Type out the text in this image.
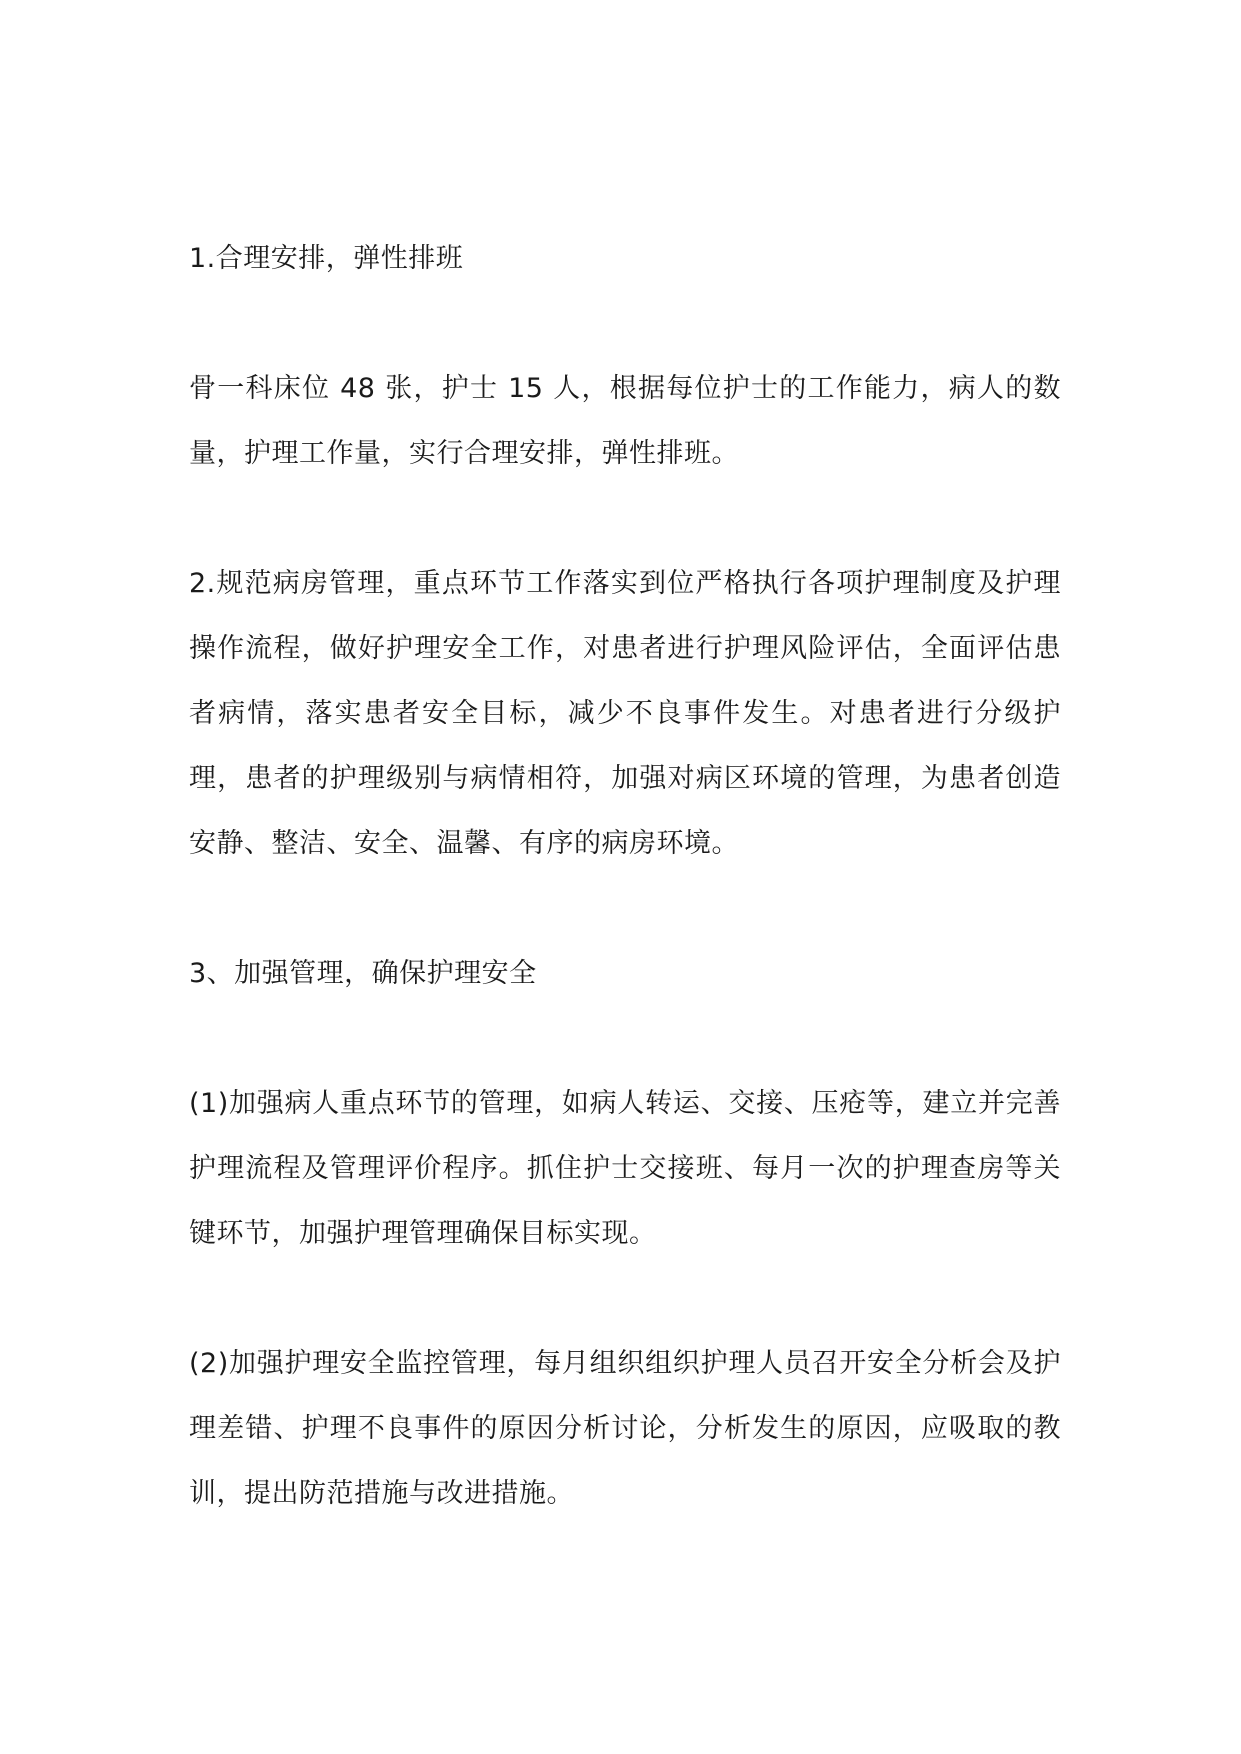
1.合理安排，弹性排班

骨一科床位 48 张，护士 15 人，根据每位护士的工作能力，病人的数量，护理工作量，实行合理安排，弹性排班。

2.规范病房管理，重点环节工作落实到位严格执行各项护理制度及护理操作流程，做好护理安全工作，对患者进行护理风险评估，全面评估患者病情，落实患者安全目标，减少不良事件发生。对患者进行分级护理，患者的护理级别与病情相符，加强对病区环境的管理，为患者创造安静、整洁、安全、温馨、有序的病房环境。

3、加强管理，确保护理安全

(1)加强病人重点环节的管理，如病人转运、交接、压疮等，建立并完善护理流程及管理评价程序。抓住护士交接班、每月一次的护理查房等关键环节，加强护理管理确保目标实现。

(2)加强护理安全监控管理，每月组织组织护理人员召开安全分析会及护理差错、护理不良事件的原因分析讨论，分析发生的原因，应吸取的教训，提出防范措施与改进措施。
